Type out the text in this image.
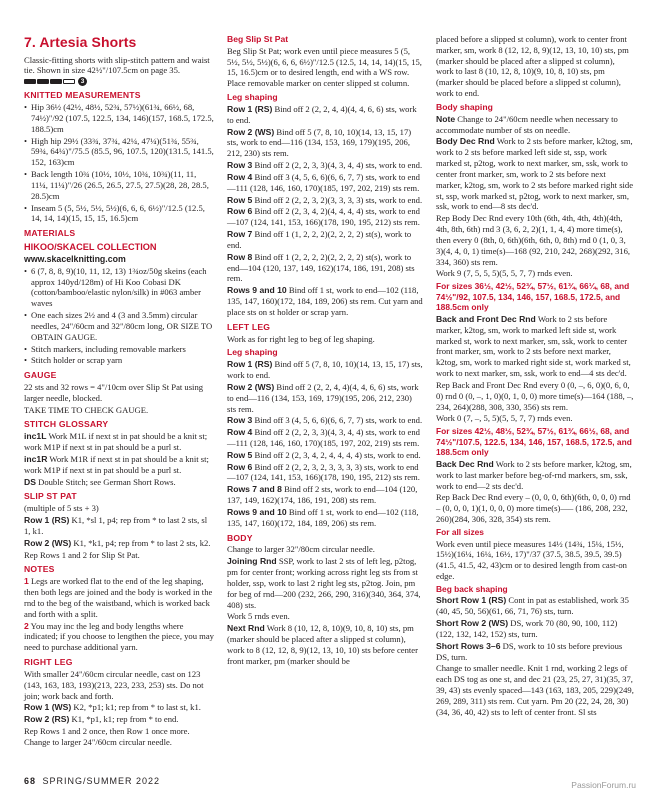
7. Artesia Shorts

Classic-fitting shorts with slip-stitch pattern and waist tie. Shown in size 42½"/107.5cm on page 35.

3
KNITTED MEASUREMENTS
• Hip 36½ (42½, 48½, 52¾, 57½)(61¾, 66½, 68, 74½)"/92 (107.5, 122.5, 134, 146)(157, 168.5, 172.5, 188.5)cm
• High hip 29½ (33¾, 37¾, 42¼, 47¼)(51¾, 55¾, 59¾, 64¼)"/75.5 (85.5, 96, 107.5, 120)(131.5, 141.5, 152, 163)cm
• Back length 10¾ (10½, 10½, 10¾, 10¾)(11, 11, 11¼, 11¼)"/26 (26.5, 26.5, 27.5, 27.5)(28, 28, 28.5, 28.5)cm
• Inseam 5 (5, 5½, 5½, 5½)(6, 6, 6, 6½)"/12.5 (12.5, 14, 14, 14)(15, 15, 15, 16.5)cm
MATERIALS
HIKOO/SKACEL COLLECTION
www.skacelknitting.com
• 6 (7, 8, 8, 9)(10, 11, 12, 13) 1¾oz/50g skeins (each approx 140yd/128m) of Hi Koo Cobasi DK (cotton/bamboo/elastic nylon/silk) in #063 amber waves
• One each sizes 2½ and 4 (3 and 3.5mm) circular needles, 24"/60cm and 32"/80cm long, OR SIZE TO OBTAIN GAUGE.
• Stitch markers, including removable markers
• Stitch holder or scrap yarn
GAUGE

22 sts and 32 rows = 4"/10cm over Slip St Pat using larger needle, blocked.

TAKE TIME TO CHECK GAUGE.

STITCH GLOSSARY

inc1L Work M1L if next st in pat should be a knit st; work M1P if next st in pat should be a purl st.

inc1R Work M1R if next st in pat should be a knit st; work M1P if next st in pat should be a purl st.

DS Double Stitch; see German Short Rows.

SLIP ST PAT

(multiple of 5 sts + 3)

Row 1 (RS) K1, *sl 1, p4; rep from * to last 2 sts, sl 1, k1.

Row 2 (WS) K1, *k1, p4; rep from * to last 2 sts, k2.

Rep Rows 1 and 2 for Slip St Pat.

NOTES

1 Legs are worked flat to the end of the leg shaping, then both legs are joined and the body is worked in the rnd to the beg of the waistband, which is worked back and forth with a split.

2 You may inc the leg and body lengths where indicated; if you choose to lengthen the piece, you may need to purchase additional yarn.

RIGHT LEG

With smaller 24"/60cm circular needle, cast on 123 (143, 163, 183, 193)(213, 223, 233, 253) sts. Do not join; work back and forth.

Row 1 (WS) K2, *p1; k1; rep from * to last st, k1.

Row 2 (RS) K1, *p1, k1; rep from * to end.

Rep Rows 1 and 2 once, then Row 1 once more. Change to larger 24"/60cm circular needle.

Beg Slip St Pat

Beg Slip St Pat; work even until piece measures 5 (5, 5½, 5½, 5½)(6, 6, 6, 6½)"/12.5 (12.5, 14, 14, 14)(15, 15, 15, 16.5)cm or to desired length, end with a WS row. Place removable marker on center slipped st column.

Leg shaping

Row 1 (RS) Bind off 2 (2, 2, 4, 4)(4, 4, 6, 6) sts, work to end.

Row 2 (WS) Bind off 5 (7, 8, 10, 10)(14, 13, 15, 17) sts, work to end—116 (134, 153, 169, 179)(195, 206, 212, 230) sts rem.

Row 3 Bind off 2 (2, 2, 3, 3)(4, 3, 4, 4) sts, work to end.

Row 4 Bind off 3 (4, 5, 6, 6)(6, 6, 7, 7) sts, work to end—111 (128, 146, 160, 170)(185, 197, 202, 219) sts rem.

Row 5 Bind off 2 (2, 2, 3, 2)(3, 3, 3, 3) sts, work to end.

Row 6 Bind off 2 (2, 3, 4, 2)(4, 4, 4, 4) sts, work to end—107 (124, 141, 153, 166)(178, 190, 195, 212) sts rem.

Row 7 Bind off 1 (1, 2, 2, 2)(2, 2, 2, 2) st(s), work to end.

Row 8 Bind off 1 (2, 2, 2, 2)(2, 2, 2, 2) st(s), work to end—104 (120, 137, 149, 162)(174, 186, 191, 208) sts rem.

Rows 9 and 10 Bind off 1 st, work to end—102 (118, 135, 147, 160)(172, 184, 189, 206) sts rem. Cut yarn and place sts on st holder or scrap yarn.

LEFT LEG

Work as for right leg to beg of leg shaping.

Leg shaping

Row 1 (RS) Bind off 5 (7, 8, 10, 10)(14, 13, 15, 17) sts, work to end.

Row 2 (WS) Bind off 2 (2, 2, 4, 4)(4, 4, 6, 6) sts, work to end—116 (134, 153, 169, 179)(195, 206, 212, 230) sts rem.

Row 3 Bind off 3 (4, 5, 6, 6)(6, 6, 7, 7) sts, work to end.

Row 4 Bind off 2 (2, 2, 3, 3)(4, 3, 4, 4) sts, work to end—111 (128, 146, 160, 170)(185, 197, 202, 219) sts rem.

Row 5 Bind off 2 (2, 3, 4, 2, 4, 4, 4, 4) sts, work to end.

Row 6 Bind off 2 (2, 2, 3, 2, 3, 3, 3, 3) sts, work to end—107 (124, 141, 153, 166)(178, 190, 195, 212) sts rem.

Rows 7 and 8 Bind off 2 sts, work to end—104 (120, 137, 149, 162)(174, 186, 191, 208) sts rem.

Rows 9 and 10 Bind off 1 st, work to end—102 (118, 135, 147, 160)(172, 184, 189, 206) sts rem.

BODY

Change to larger 32"/80cm circular needle.

Joining Rnd SSP, work to last 2 sts of left leg, p2tog, pm for center front; working across right leg sts from st holder, ssp, work to last 2 right leg sts, p2tog. Join, pm for beg of rnd—200 (232, 266, 290, 316)(340, 364, 374, 408) sts.

Work 5 rnds even.

Next Rnd Work 8 (10, 12, 8, 10)(9, 10, 8, 10) sts, pm (marker should be placed after a slipped st column), work to 8 (12, 12, 8, 9)(12, 13, 10, 10) sts before center front marker, pm (marker should be

placed before a slipped st column), work to center front marker, sm, work 8 (12, 12, 8, 9)(12, 13, 10, 10) sts, pm (marker should be placed after a slipped st column), work to last 8 (10, 12, 8, 10)(9, 10, 8, 10) sts, pm (marker should be placed before a slipped st column), work to end.

Body shaping

Note Change to 24"/60cm needle when necessary to accommodate number of sts on needle.

Body Dec Rnd Work to 2 sts before marker, k2tog, sm, work to 2 sts before marked left side st, ssp, work marked st, p2tog, work to next marker, sm, ssk, work to center front marker, sm, work to 2 sts before next marker, k2tog, sm, work to 2 sts before marked right side st, ssp, work marked st, p2tog, work to next marker, sm, ssk, work to end—8 sts dec'd.

Rep Body Dec Rnd every 10th (6th, 4th, 4th, 4th)(4th, 4th, 8th, 6th) rnd 3 (3, 6, 2, 2)(1, 1, 4, 4) more time(s), then every 0 (8th, 0, 6th)(6th, 6th, 0, 8th) rnd 0 (1, 0, 3, 3)(4, 4, 0, 1) time(s)—168 (92, 210, 242, 268)(292, 316, 334, 360) sts rem.

Work 9 (7, 5, 5, 5)(5, 5, 7, 7) rnds even.

For sizes 36½, 42½, 52¾, 57½, 61¾, 66¼, 68, and 74½"/92, 107.5, 134, 146, 157, 168.5, 172.5, and 188.5cm only

Back and Front Dec Rnd Work to 2 sts before marker, k2tog, sm, work to marked left side st, work marked st, work to next marker, sm, ssk, work to center front marker, sm, work to 2 sts before next marker, k2tog, sm, work to marked right side st, work marked st, work to next marker, sm, ssk, work to end—4 sts dec'd.

Rep Back and Front Dec Rnd every 0 (0, –, 6, 0)(0, 6, 0, 0) rnd 0 (0, –, 1, 0)(0, 1, 0, 0) more time(s)—164 (188, –, 234, 264)(288, 308, 330, 356) sts rem.

Work 0 (7, –, 5, 5)(5, 5, 7, 7) rnds even.

For sizes 42½, 48½, 52¾, 57½, 61¾, 66½, 68, and 74½"/107.5, 122.5, 134, 146, 157, 168.5, 172.5, and 188.5cm only

Back Dec Rnd Work to 2 sts before marker, k2tog, sm, work to last marker before beg-of-rnd markers, sm, ssk, work to end—2 sts dec'd.

Rep Back Dec Rnd every – (0, 0, 0, 6th)(6th, 0, 0, 0) rnd – (0, 0, 0, 1)(1, 0, 0, 0) more time(s)—– (186, 208, 232, 260)(284, 306, 328, 354) sts rem.

For all sizes

Work even until piece measures 14½ (14¾, 15¼, 15½, 15½)(16¼, 16¼, 16½, 17)"/37 (37.5, 38.5, 39.5, 39.5)(41.5, 41.5, 42, 43)cm or to desired length from cast-on edge.

Beg back shaping

Short Row 1 (RS) Cont in pat as established, work 35 (40, 45, 50, 56)(61, 66, 71, 76) sts, turn.

Short Row 2 (WS) DS, work 70 (80, 90, 100, 112)(122, 132, 142, 152) sts, turn.

Short Rows 3–6 DS, work to 10 sts before previous DS, turn.

Change to smaller needle. Knit 1 rnd, working 2 legs of each DS tog as one st, and dec 21 (23, 25, 27, 31)(35, 37, 39, 43) sts evenly spaced—143 (163, 183, 205, 229)(249, 269, 289, 311) sts rem. Cut yarn. Pm 20 (22, 24, 28, 30)(34, 36, 40, 42) sts to left of center front. Sl sts

68 SPRING/SUMMER 2022	PassionForum.ru
